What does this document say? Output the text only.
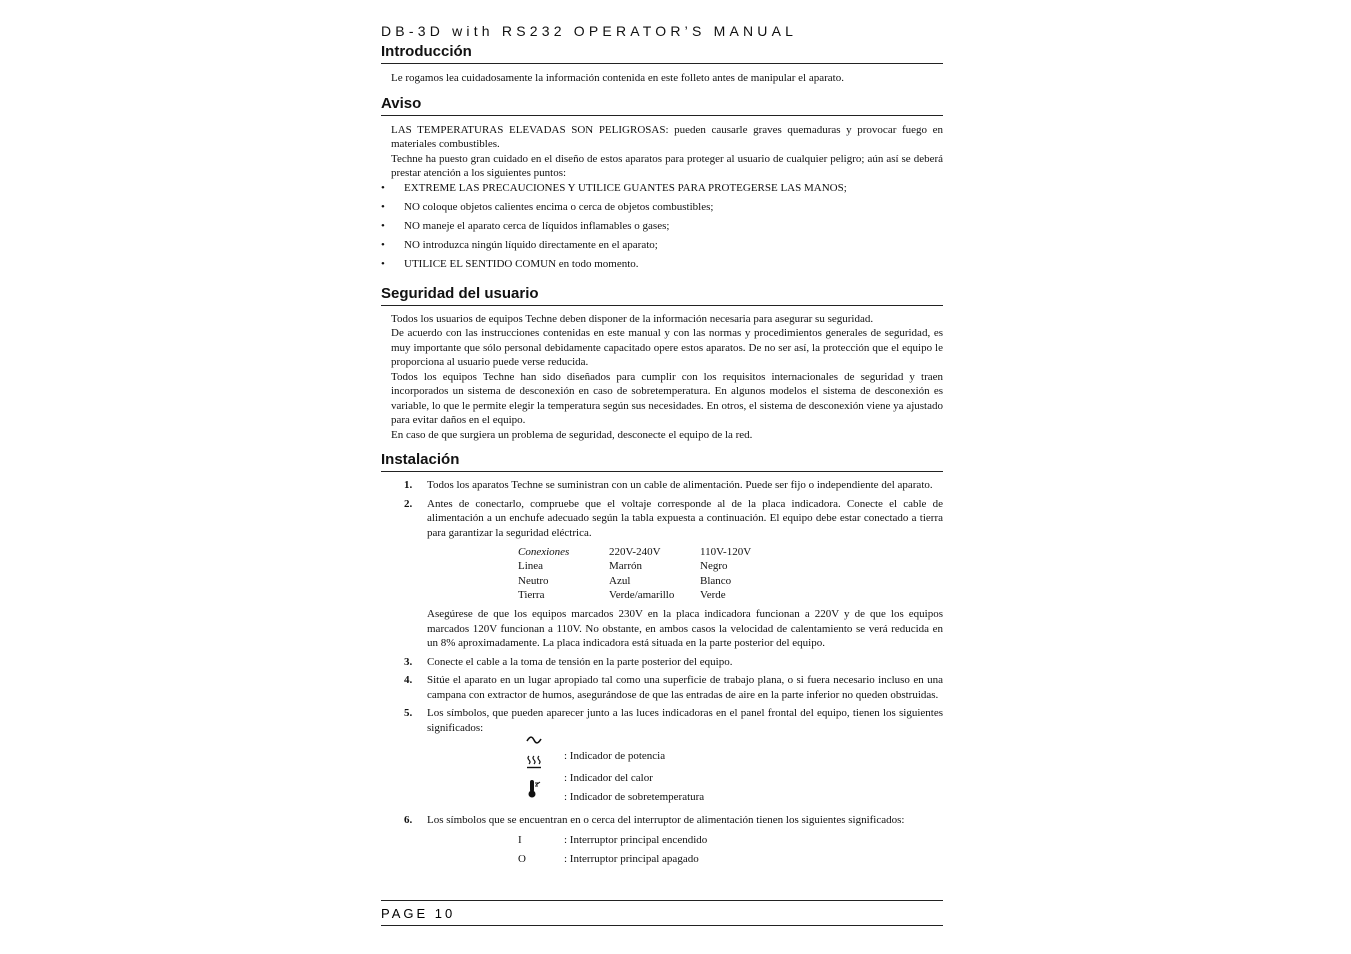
DB-3D with RS232 OPERATOR’S MANUAL
Introducción

Le rogamos lea cuidadosamente la información contenida en este folleto antes de manipular el aparato.

Aviso

LAS TEMPERATURAS ELEVADAS SON PELIGROSAS: pueden causarle graves quemaduras y provocar fuego en materiales combustibles.

Techne ha puesto gran cuidado en el diseño de estos aparatos para proteger al usuario de cualquier peligro; aún así se deberá prestar atención a los siguientes puntos:

• EXTREME LAS PRECAUCIONES Y UTILICE GUANTES PARA PROTEGERSE LAS MANOS;
• NO coloque objetos calientes encima o cerca de objetos combustibles;
• NO maneje el aparato cerca de líquidos inflamables o gases;
• NO introduzca ningún líquido directamente en el aparato;
• UTILICE EL SENTIDO COMUN en todo momento.
Seguridad del usuario

Todos los usuarios de equipos Techne deben disponer de la información necesaria para asegurar su seguridad.

De acuerdo con las instrucciones contenidas en este manual y con las normas y procedimientos generales de seguridad, es muy importante que sólo personal debidamente capacitado opere estos aparatos. De no ser así, la protección que el equipo le proporciona al usuario puede verse reducida.

Todos los equipos Techne han sido diseñados para cumplir con los requisitos internacionales de seguridad y traen incorporados un sistema de desconexión en caso de sobretemperatura. En algunos modelos el sistema de desconexión es variable, lo que le permite elegir la temperatura según sus necesidades. En otros, el sistema de desconexión viene ya ajustado para evitar daños en el equipo.

En caso de que surgiera un problema de seguridad, desconecte el equipo de la red.

Instalación
1. Todos los aparatos Techne se suministran con un cable de alimentación. Puede ser fijo o independiente del aparato.
2. Antes de conectarlo, compruebe que el voltaje corresponde al de la placa indicadora. Conecte el cable de alimentación a un enchufe adecuado según la tabla expuesta a continuación. El equipo debe estar conectado a tierra para garantizar la seguridad eléctrica.
Conexiones	220V-240V	110V-120V
Linea	Marrón	Negro
Neutro	Azul	Blanco
Tierra	Verde/amarillo	Verde
Asegúrese de que los equipos marcados 230V en la placa indicadora funcionan a 220V y de que los equipos marcados 120V funcionan a 110V. No obstante, en ambos casos la velocidad de calentamiento se verá reducida en un 8% aproximadamente. La placa indicadora está situada en la parte posterior del equipo.
3. Conecte el cable a la toma de tensión en la parte posterior del equipo.
4. Sitúe el aparato en un lugar apropiado tal como una superficie de trabajo plana, o si fuera necesario incluso en una campana con extractor de humos, asegurándose de que las entradas de aire en la parte inferior no queden obstruidas.
5. Los símbolos, que pueden aparecer junto a las luces indicadoras en el panel frontal del equipo, tienen los siguientes significados:
: Indicador de potencia
: Indicador del calor
: Indicador de sobretemperatura
6. Los símbolos que se encuentran en o cerca del interruptor de alimentación tienen los siguientes significados:
I	: Interruptor principal encendido
O	: Interruptor principal apagado
PAGE 10
